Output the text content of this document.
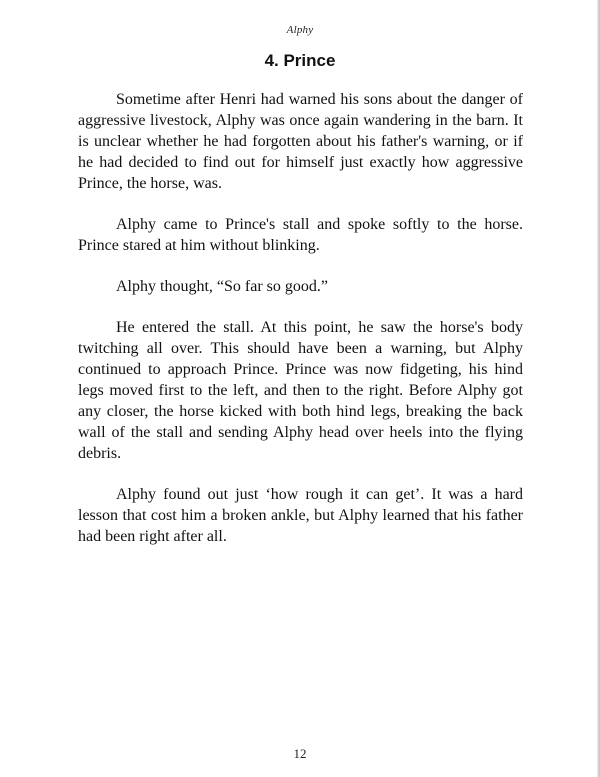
Alphy
4. Prince

Sometime after Henri had warned his sons about the danger of aggressive livestock, Alphy was once again wandering in the barn. It is unclear whether he had forgotten about his father's warning, or if he had decided to find out for himself just exactly how aggressive Prince, the horse, was.

Alphy came to Prince's stall and spoke softly to the horse. Prince stared at him without blinking.

Alphy thought, “So far so good.”

He entered the stall. At this point, he saw the horse's body twitching all over. This should have been a warning, but Alphy continued to approach Prince. Prince was now fidgeting, his hind legs moved first to the left, and then to the right. Before Alphy got any closer, the horse kicked with both hind legs, breaking the back wall of the stall and sending Alphy head over heels into the flying debris.

Alphy found out just ‘how rough it can get’. It was a hard lesson that cost him a broken ankle, but Alphy learned that his father had been right after all.

12
